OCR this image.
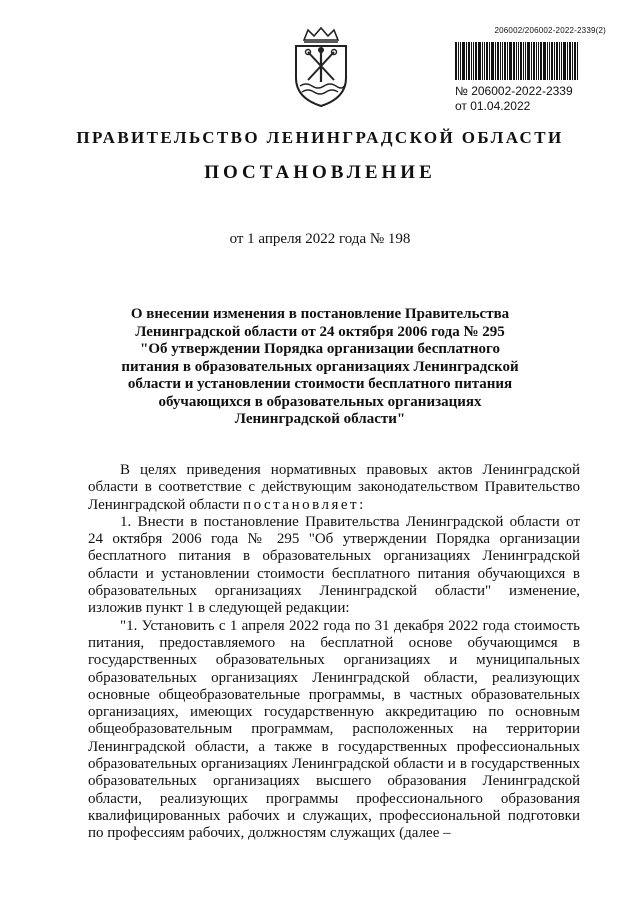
206002/206002-2022-2339(2)
№ 206002-2022-2339
от 01.04.2022
ПРАВИТЕЛЬСТВО ЛЕНИНГРАДСКОЙ ОБЛАСТИ
ПОСТАНОВЛЕНИЕ
от 1 апреля 2022 года № 198
О внесении изменения в постановление Правительства Ленинградской области от 24 октября 2006 года № 295 "Об утверждении Порядка организации бесплатного питания в образовательных организациях Ленинградской области и установлении стоимости бесплатного питания обучающихся в образовательных организациях Ленинградской области"

В целях приведения нормативных правовых актов Ленинградской области в соответствие с действующим законодательством Правительство Ленинградской области постановляет:

1. Внести в постановление Правительства Ленинградской области от 24 октября 2006 года № 295 "Об утверждении Порядка организации бесплатного питания в образовательных организациях Ленинградской области и установлении стоимости бесплатного питания обучающихся в образовательных организациях Ленинградской области" изменение, изложив пункт 1 в следующей редакции:

"1. Установить с 1 апреля 2022 года по 31 декабря 2022 года стоимость питания, предоставляемого на бесплатной основе обучающимся в государственных образовательных организациях и муниципальных образовательных организациях Ленинградской области, реализующих основные общеобразовательные программы, в частных образовательных организациях, имеющих государственную аккредитацию по основным общеобразовательным программам, расположенных на территории Ленинградской области, а также в государственных профессиональных образовательных организациях Ленинградской области и в государственных образовательных организациях высшего образования Ленинградской области, реализующих программы профессионального образования квалифицированных рабочих и служащих, профессиональной подготовки по профессиям рабочих, должностям служащих (далее –
